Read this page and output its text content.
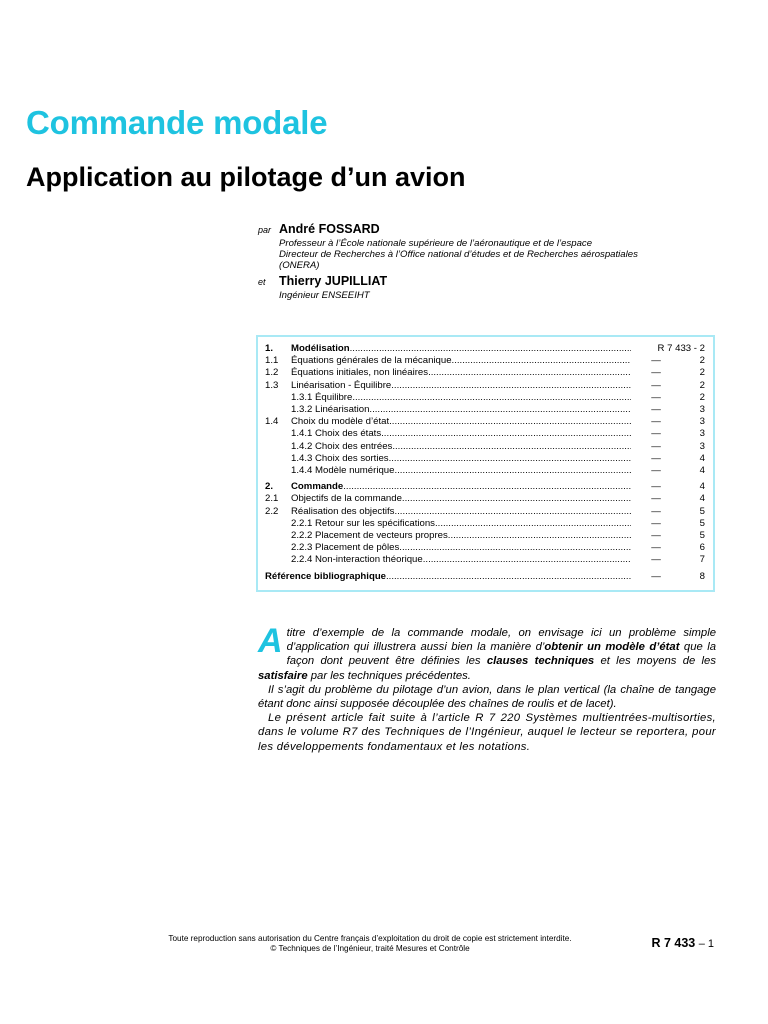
Commande modale
Application au pilotage d’un avion
par André FOSSARD
Professeur à l’École nationale supérieure de l’aéronautique et de l’espace
Directeur de Recherches à l’Office national d’études et de Recherches aérospatiales
(ONERA)
et Thierry JUPILLIAT
Ingénieur ENSEEIHT
1. Modélisation .....	R 7 433 - 2
1.1 Équations générales de la mécanique .....	—	2
1.2 Équations initiales, non linéaires .....	—	2
1.3 Linéarisation - Équilibre .....	—	2
1.3.1 Équilibre .....	—	2
1.3.2 Linéarisation .....	—	3
1.4 Choix du modèle d’état .....	—	3
1.4.1 Choix des états .....	—	3
1.4.2 Choix des entrées .....	—	3
1.4.3 Choix des sorties .....	—	4
1.4.4 Modèle numérique .....	—	4
2. Commande .....	—	4
2.1 Objectifs de la commande .....	—	4
2.2 Réalisation des objectifs .....	—	5
2.2.1 Retour sur les spécifications .....	—	5
2.2.2 Placement de vecteurs propres .....	—	5
2.2.3 Placement de pôles .....	—	6
2.2.4 Non-interaction théorique .....	—	7
Référence bibliographique .....	—	8

A titre d’exemple de la commande modale, on envisage ici un problème simple d’application qui illustrera aussi bien la manière d’obtenir un modèle d’état que la façon dont peuvent être définies les clauses techniques et les moyens de les satisfaire par les techniques précédentes.

Il s’agit du problème du pilotage d’un avion, dans le plan vertical (la chaîne de tangage étant donc ainsi supposée découplée des chaînes de roulis et de lacet).

Le présent article fait suite à l’article R 7 220 Systèmes multientrées-multisorties, dans le volume R7 des Techniques de l’Ingénieur, auquel le lecteur se reportera, pour les développements fondamentaux et les notations.

Toute reproduction sans autorisation du Centre français d’exploitation du droit de copie est strictement interdite.
© Techniques de l’Ingénieur, traité Mesures et Contrôle	R 7 433 – 1
